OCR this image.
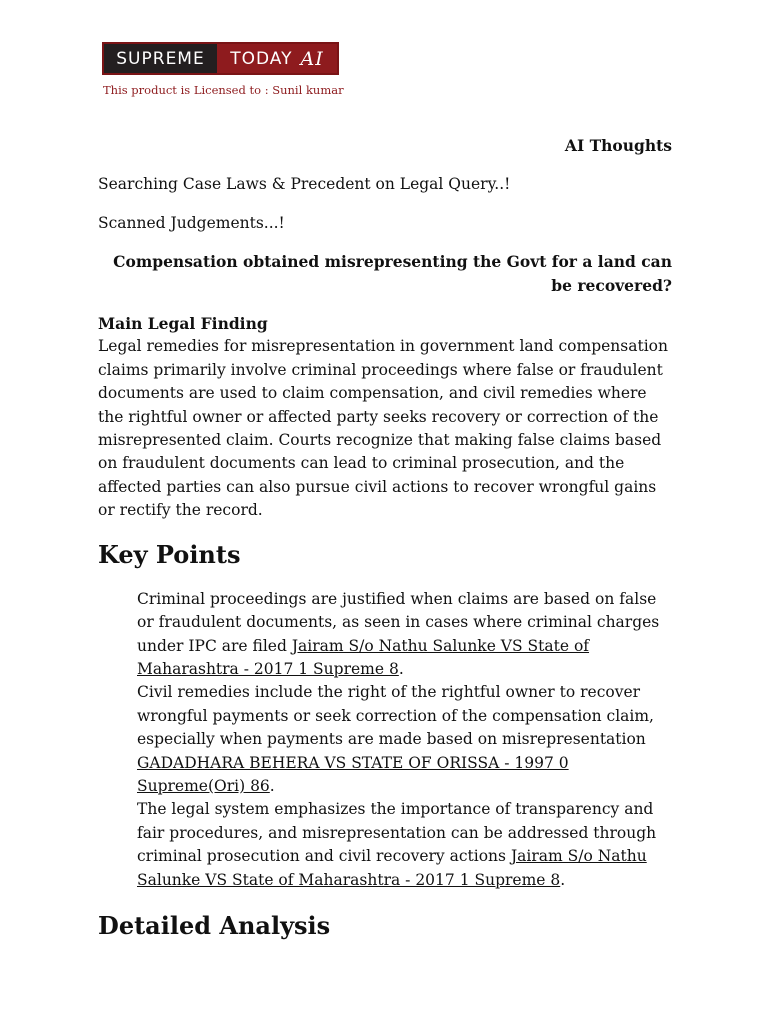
SUPREME	TODAY AI
This product is Licensed to : Sunil kumar

AI Thoughts

Searching Case Laws & Precedent on Legal Query..!

Scanned Judgements...!

Compensation obtained misrepresenting the Govt for a land can be recovered?

Main Legal Finding

Legal remedies for misrepresentation in government land compensation claims primarily involve criminal proceedings where false or fraudulent documents are used to claim compensation, and civil remedies where the rightful owner or affected party seeks recovery or correction of the misrepresented claim. Courts recognize that making false claims based on fraudulent documents can lead to criminal prosecution, and the affected parties can also pursue civil actions to recover wrongful gains or rectify the record.

Key Points
Criminal proceedings are justified when claims are based on false or fraudulent documents, as seen in cases where criminal charges under IPC are filed Jairam S/o Nathu Salunke VS State of Maharashtra - 2017 1 Supreme 8.
Civil remedies include the right of the rightful owner to recover wrongful payments or seek correction of the compensation claim, especially when payments are made based on misrepresentation GADADHARA BEHERA VS STATE OF ORISSA - 1997 0 Supreme(Ori) 86.
The legal system emphasizes the importance of transparency and fair procedures, and misrepresentation can be addressed through criminal prosecution and civil recovery actions Jairam S/o Nathu Salunke VS State of Maharashtra - 2017 1 Supreme 8.
Detailed Analysis
